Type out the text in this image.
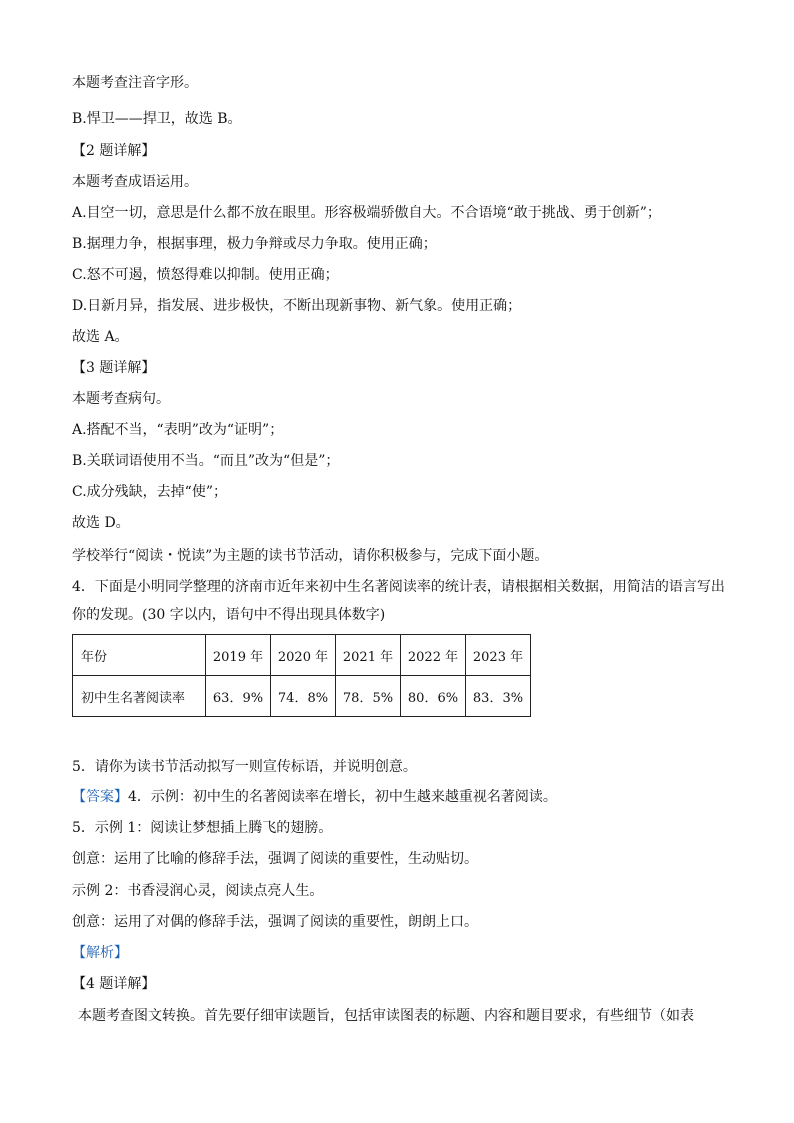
本题考查注音字形。
B.悍卫——捍卫，故选 B。
【2 题详解】
本题考查成语运用。
A.目空一切，意思是什么都不放在眼里。形容极端骄傲自大。不合语境“敢于挑战、勇于创新”；
B.据理力争，根据事理，极力争辩或尽力争取。使用正确；
C.怒不可遏，愤怒得难以抑制。使用正确；
D.日新月异，指发展、进步极快，不断出现新事物、新气象。使用正确；
故选 A。
【3 题详解】
本题考查病句。
A.搭配不当，“表明”改为“证明”；
B.关联词语使用不当。“而且”改为“但是”；
C.成分残缺，去掉“使”；
故选 D。
学校举行“阅读・悦读”为主题的读书节活动，请你积极参与，完成下面小题。
4．下面是小明同学整理的济南市近年来初中生名著阅读率的统计表，请根据相关数据，用简洁的语言写出
你的发现。(30 字以内，语句中不得出现具体数字)
年份	2019 年	2020 年	2021 年	2022 年	2023 年
初中生名著阅读率	63．9%	74．8%	78．5%	80．6%	83．3%
5．请你为读书节活动拟写一则宣传标语，并说明创意。
【答案】4．示例：初中生的名著阅读率在增长，初中生越来越重视名著阅读。
5．示例 1：阅读让梦想插上腾飞的翅膀。
创意：运用了比喻的修辞手法，强调了阅读的重要性，生动贴切。
示例 2：书香浸润心灵，阅读点亮人生。
创意：运用了对偶的修辞手法，强调了阅读的重要性，朗朗上口。
【解析】
【4 题详解】
本题考查图文转换。首先要仔细审读题旨，包括审读图表的标题、内容和题目要求，有些细节（如表
